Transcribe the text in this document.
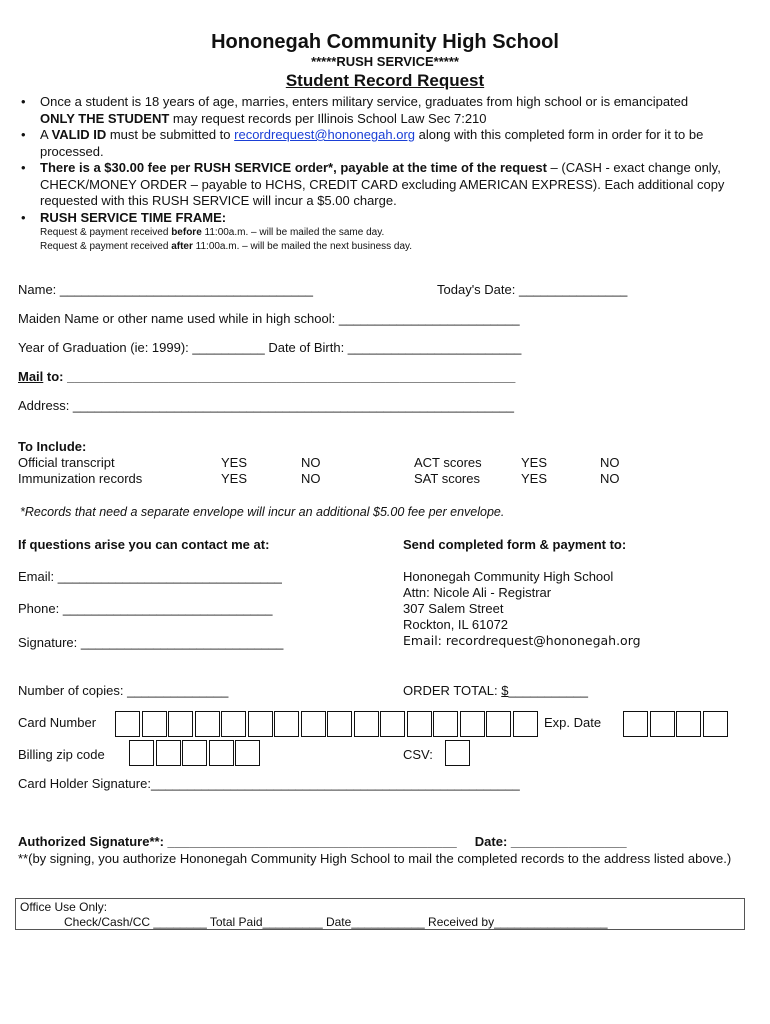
Hononegah Community High School
*****RUSH SERVICE*****
Student Record Request
• Once a student is 18 years of age, marries, enters military service, graduates from high school or is emancipated
ONLY THE STUDENT may request records per Illinois School Law Sec 7:210
• A VALID ID must be submitted to recordrequest@hononegah.org along with this completed form in order for it to be processed.
• There is a $30.00 fee per RUSH SERVICE order*, payable at the time of the request – (CASH - exact change only, CHECK/MONEY ORDER – payable to HCHS, CREDIT CARD excluding AMERICAN EXPRESS). Each additional copy requested with this RUSH SERVICE will incur a $5.00 charge.
• RUSH SERVICE TIME FRAME:
Request & payment received before 11:00a.m. – will be mailed the same day.
Request & payment received after 11:00a.m. – will be mailed the next business day.
Name: ___________________________________	Today's Date: _______________
Maiden Name or other name used while in high school: _________________________
Year of Graduation (ie: 1999): __________ Date of Birth: ________________________
Mail to: ______________________________________________________________
Address: _____________________________________________________________
To Include:
Official transcript	YES	NO	ACT scores	YES	NO
Immunization records	YES	NO	SAT scores	YES	NO
*Records that need a separate envelope will incur an additional $5.00 fee per envelope.
If questions arise you can contact me at:	Send completed form & payment to:
Email: _______________________________
Phone: _____________________________
Signature: ____________________________
Hononegah Community High School
Attn: Nicole Ali - Registrar
307 Salem Street
Rockton, IL 61072
Email: recordrequest@hononegah.org
Number of copies: ______________	ORDER TOTAL: $___________
Card Number	Exp. Date
Billing zip code	CSV:
Card Holder Signature:___________________________________________________
Authorized Signature**: ________________________________________     Date: ________________
**(by signing, you authorize Hononegah Community High School to mail the completed records to the address listed above.)
Office Use Only:
Check/Cash/CC ________ Total Paid_________ Date___________ Received by_________________
